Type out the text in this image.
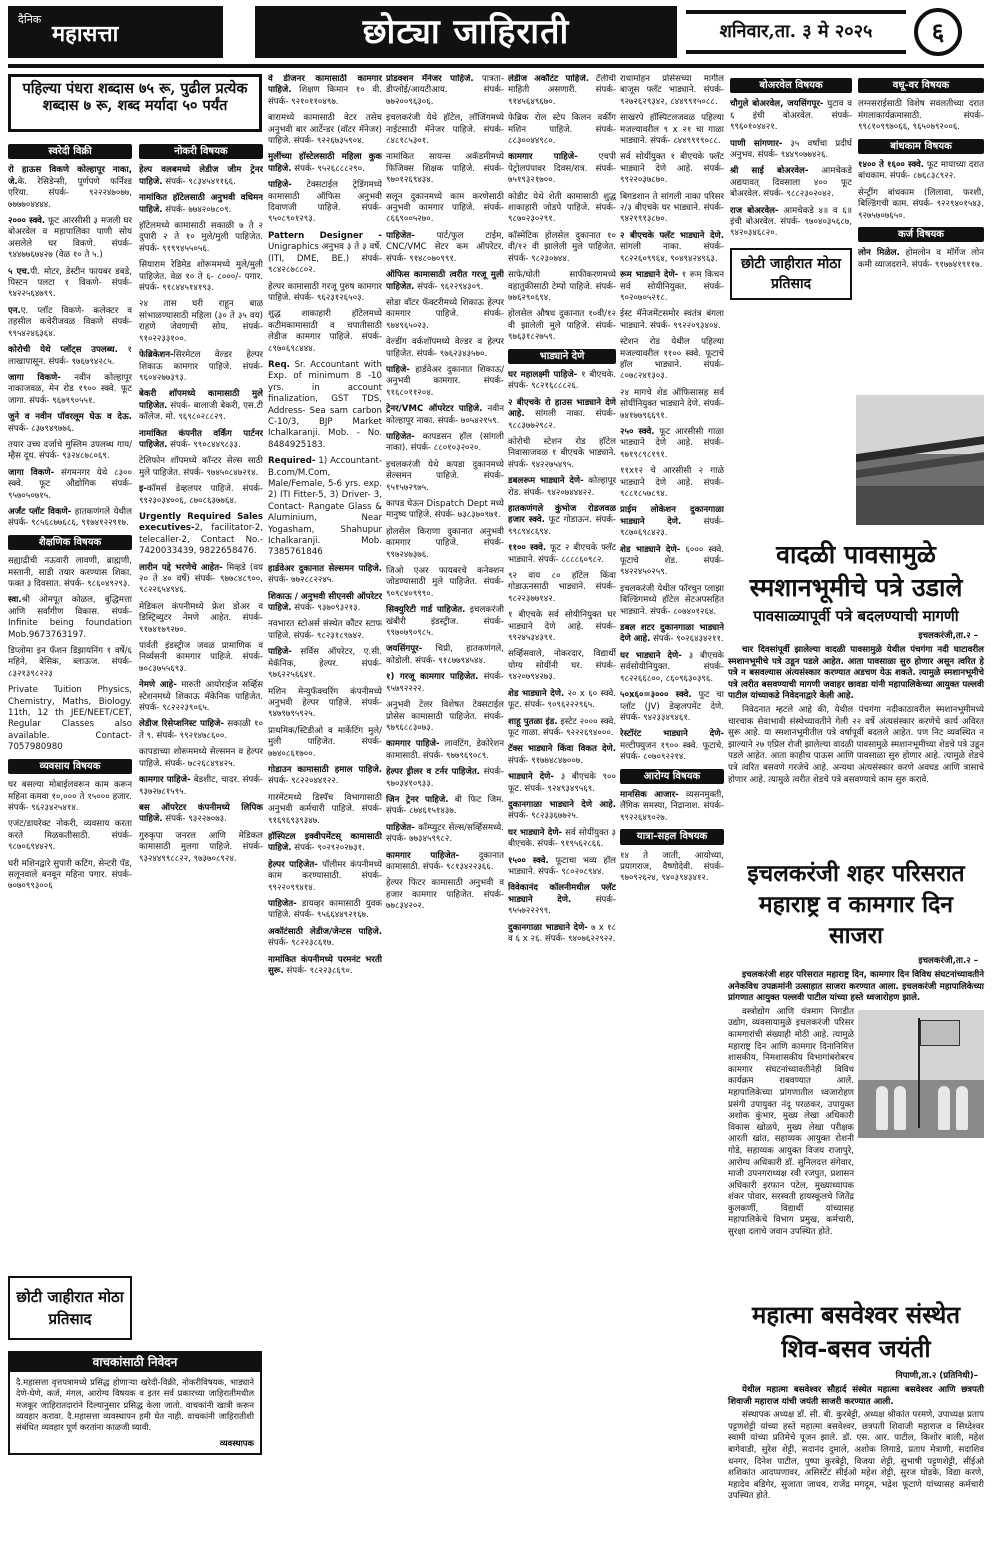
दैनिक
महासत्ता	छोट्या जाहिराती	शनिवार,ता. ३ मे २०२५	६
पहिल्या पंधरा शब्दास ७५ रू, पुढील प्रत्येक शब्दास ७ रू, शब्द मर्यादा ५० पर्यंत
स्वरेदी विक्री

रो हाऊस विकणे कोल्हापूर नाका, जे.के. रेसिडेन्सी, पूर्णपणे फर्निश्ड एरिया. संपर्क- ९२२२४७०७७, ७७७७०४४४४.

२००० स्क्वे. फूट आरसीसी ३ मजली घर बोअरवेल व महापालिका पाणी सोय असलेले घर विकणे. संपर्क- ९४४७७६७४२७ (वेळ १० ते ५.)

५ एच.पी. मोटर, डेस्टीन फायबर डबडे, पिस्टन पलटा १ विकणे- संपर्क- ९४२२५६४७९९.

एन.ए. प्लॉट विकणे- कलेक्टर व तहसील कचेरीजवळ विकणे संपर्क- ९९५४२४६३६४.

कोरोची येथे प्लॉट्स उपलब्ध. १ लाखापासून. संपर्क- ९७६७९४२८५.

जागा विकणे- नवीन कोल्हापूर नाकाजवळ, मेन रोड १९०० स्क्वे. फूट जागा. संपर्क- ९६७९९०५५१.

जुने व नवीन पॉवरलूम घेऊ व देऊ. संपर्क- ८३७९४९७७६.

तयार उच्च दर्जाचे मुस्लिम उपलब्ध गाय/म्हैस दूध. संपर्क- ९३२४८७८०६९.

जागा विकणे- संगमनगर येथे ८३०० स्क्वे. फूट औद्योगिक संपर्क- ९५७०५०७१५.

अर्जंट प्लॉट विकणे- हातकणंगले येथील संपर्क- ९८५६८७७६८६, ९१७४१२२९१७.

शैक्षणिक विषयक

सह्याद्रीची नऊवारी लावणी, ब्राह्मणी, मस्तानी, साडी तयार करण्यास शिका. फक्त ३ दिवसात. संपर्क- ९८६०४९२९३.

स्वा.श्री ओमपूत कोळल, बुद्धिमत्ता आणि सर्वांगीण विकास. संपर्क- Infinite being foundation Mob.9673763197.

डिप्लोमा इन फॅशन डिझायनिंग १ वर्षे/६ महिने, बेसिक, ब्लाऊज. संपर्क- ८३२१३९८२२३

Private Tuition Physics, Chemistry, Maths, Biology. 11th, 12 th JEE/NEET/CET, Regular Classes also available. Contact- 7057980980

व्यवसाय विषयक

घर बसल्या मोबाईलवरून काम करून महिना कमवा १०,००० ते १५००० हजार. संपर्क- ९६२३४२५४१४.

एजंट/डायरेक्ट नोकरी, व्यवसाय करता करते मिळकतीसाठी. संपर्क- ९८७०६९४४२९.

घरी मशिनद्वारे सुपारी कटिंग, सेन्टरी पॅड, सलूनवाले बनवून महिना पगार. संपर्क- ७०७०९९३००६

छोटी जाहीरात मोठा प्रतिसाद
नोकरी विषयक

हेल्प वलबमध्ये लेडीज जीम ट्रेनर पाहिजे. संपर्क- ९८३४५४११६६.

नामांकित हॉटेलसाठी अनुभवी वधिमन पाहिजे. संपर्क- ७७४२०७८०९.

हॉटेलमध्ये कामासाठी सकाळी ७ ते २ दुपारी २ ते १० मुले/मुली पाहिजेत. संपर्क- ९१९९४५५०५६.

सियाराम रेडिमेड शोरूममध्ये मुले/मुली पाहिजेत. वेळ १० ते ६- ८०००/- पगार. संपर्क- ९१८४४५१४१९३.

२४ तास घरी राहून बाळ सांभाळण्यासाठी महिला (३० ते ३५ वय) राहणे जेवणाची सोय. संपर्क- ९१०२२३३१००.

फेब्रिकेशन-सिरमेटल वेल्डर हेल्पर शिकाऊ कामगार पाहिजे. संपर्क- ९६०४२७७३९३.

बेकरी शॉपमध्ये कामासाठी मुले पाहिजेत. संपर्क- बालाजी बेकरी, एस.टी कॉलेज. मो. ९६९८०२८८२९.

नामांकित कंपनीत वर्किंग पार्टनर पाहिजेत. संपर्क- ९९०८४४९८३३.

टेलिफोन शॉपमध्ये कॉन्टर सेल्स साठी मुले पाहिजेत. संपर्क- ९७४५०८४७२१४.

इ-कॉमर्स डेव्हलपर पाहिजे. संपर्क- ९९२३०३४००६, ८७०८६३७७६४.

Urgently Required Sales executives-2, facilitator-2, telecaller-2, Contact No.- 7420033439, 9822658476.

लारीन पद्दे भरणेचे आहेत- मिव्हडे (वय २० ते ४० वर्षे) संपर्क- ९७७८४८९००, ९८२२६५४९४६.

मेडिकल कंपनीमध्ये फ्रेश डोअर व डिस्ट्रिब्युटर नेमणे आहेत. संपर्क- ९१७४१७९२७०.

पार्वती इंडस्ट्रीज जवळ प्रामाणिक व निर्व्यसनी कामगार पाहिजे. संपर्क- ७०८३७५५६९३.

नेमणे आहे- मारुती आयोराईज सर्व्हिस स्टेशनमध्ये शिकाऊ मॅकेनिक पाहिजेत. संपर्क- ९८२२२३९०६५.

लेडीज रिसेप्शनिस्ट पाहिजे- सकाळी १० ते ९. संपर्क- ९९२१४७८६००.

कापडाच्या शोरूममध्ये सेल्समन व हेल्पर पाहिजे. संपर्क- ७८२६८४९४२५.

कामगार पाहिजे- बेडशीट, चादर. संपर्क- ९३७२७८१५९५.

बस ऑपरेटर कंपनीमध्ये लिपिक पाहिजे. संपर्क- ९३२२७०७३.

गुरुकृपा जनरल आणि मेडिकल कामासाठी मुलगा पाहिजे. संपर्क- ९३२४४९९८८२२, ९७३७०८९२४.

वाचकांसाठी निवेदन
दै.महासत्ता वृत्तपत्रामध्ये प्रसिद्ध होणाऱ्या खरेदी-विक्री, नोकरीविषयक, भाड्याने देणे-घेणे, कर्ज, मंगल, आरोग्य विषयक व इतर सर्व प्रकारच्या जाहिरातीमधील मजकूर जाहिरातदारांने दिल्यानुसार प्रसिद्ध केला जातो. वाचकांनी खात्री करून व्यवहार करावा. दै.महासत्ता व्यवस्थापन हमी घेत नाही. वाचकांनी जाहिरातीशी संबंधित व्यवहार पूर्ण करतांना काळजी घ्यावी.
व्यवस्थापक

वे डीजनर कामासाठी कामगार पाहिजे. शिक्षण किमान १० वी. संपर्क- ९२१०११०४९७.

बारामध्ये कामासाठी वेटर तसेच अनुभवी बार आर्टेन्डर (वॉटर मॅनेजर) पाहिजे. संपर्क- ९२२६७३५९०४.

मुलींच्या हॉस्टेलसाठी महिला कुक पाहिजे. संपर्क- ९५२६८८८२९०.

पाहिजे- टेक्सटाईल ट्रेडिंगमध्ये कामासाठी ऑफिस अनुभवी दिवाणजी पाहिजे. संपर्क- ९५०८९०१२९३.

Pattern Designer - Unigraphics अनुभव ३ ते ३ वर्षे. (ITI, DME, BE.) संपर्क- ९८४२८७८८०२.

हेल्पर कामासाठी गरजू पुरुष कामगार पाहिजे. संपर्क- ९६२३१२६५०३.

शुद्ध शाकाहारी हॉटेलमध्ये कटीमकामासाठी व चपातीसाठी लेडीज कामगार पाहिजे. संपर्क- ८९७०६९८४४४.

Req. Sr. Accountant with Exp. of minimum 8 -10 yrs. in account finalization, GST TDS, Address- Sea sam carbon C-10/3, BJP Market Ichalkaranji. Mob. - No. 8484925183.

Required- 1) Accountant- B.com/M.Com, Male/Female, 5-6 yrs. exp. 2) ITI Fitter-5, 3) Driver- 3, Contact- Rangate Glass & Aluminium, Near Yogasham, Shahupur Ichalkaranji. Mob. 7385761846

हार्डवेअर दुकानात सेल्समन पाहिजे. संपर्क- ७७२८८२२४५.

शिकाऊ / अनुभवी सीएनसी ऑपरेटर पाहिजे. संपर्क- ९३७०९३२१३.

नवभारत स्टोअर्स संस्थेत कौंटर स्टाफ पाहिजे. संपर्क- ९८२३१८९७४२.

पाहिजे- सर्विस ऑपरेटर, ए.सी. मेकॅनिक, हेल्पर. संपर्क- ९७६२२५६६४१.

मशिन मेन्युफॅक्चरिंग कंपनीमध्ये अनुभवी हेल्पर पाहिजे. संपर्क- ९४७९७९५९२५.

प्राथमिक/स्टिडीओ व मार्केटिंग मुले/मुली पाहिजेत. संपर्क- ७७४०८६१७००.

गोडाउन कामासाठी हमाल पाहिजे. संपर्क- ९८२२०४४१२२.

गारमेंटमध्ये डिस्पॅच विभागासाठी अनुभवी कर्मचारी पाहिजे. संपर्क- ९१६९६९३९३४७.

हॉस्पिटल इक्वीपमेंटस् कामासाठी पाहिजे. संपर्क- ९०२९२०२७३१.

हेल्पर पाहिजेत- पॉलीमर कंपनीमध्ये काम करण्यासाठी. संपर्क- ९९२२०९९४१४.

पाहिजेत- डायव्हर कामासाठी युवक पाहिजे. संपर्क- ९५६६४४९२१६७.

अकॉटंसाठी लेडीज/जेन्टस पाहिजे. संपर्क- ९८२२३८६१७.

नामांकित कंपनीमध्ये परमनंट भरती सुरू. संपर्क- ९८२२३८६९०.

प्रोडक्शन मॅनेजर पाहिजे. पात्रता- डीप्लोई/आयटीआय. संपर्क- ७७२००९६३०६.

इचलकरंजी येथे हॉटेल, लॉजिंगमध्ये नाईटसाठी मॅनेजर पाहिजे. संपर्क- ८४८१८५३०१.

नामांकित सायन्स अकॅडमीमध्ये फिजिक्स शिक्षक पाहिजे. संपर्क- ९७०१२६९४३४.

सलून दुकानमध्ये काम करणेसाठी अनुभवी कामगार पाहिजे. संपर्क- ८६६९००५२७०.

पाहिजेत- पार्ट/फुल टाईम, CNC/VMC सेटर कम ऑपरेटर. संपर्क- ९१४८०७०९९१.

ऑफिस कामासाठी त्वरीत गरजू मुली पाहिजेत. संपर्क- ९६२२९४३०९.

सोडा वॉटर फॅक्टरीमध्ये शिकाऊ हेल्पर कामगार पाहिजे. संपर्क- ९७४९६५०२३.

वेल्डींग वर्कशॉपमध्ये वेल्डर व हेल्पर पाहिजेत. संपर्क- ९७६२३४३५७०.

पाहिजे- हार्डवेअर दुकानात शिकाऊ/अनुभवी कामगार. संपर्क- ९१६८०११२०४.

ट्रेनर/VMC ऑपरेटर पाहिजे. नवीन कोल्हापूर नाका. संपर्क- ७०५४२१५९.

पाहिजेत- कापडसन हॉल (सांगली नाका). संपर्क- ८८०१०३२०२०.

इचलकरंजी येथे कपडा दुकानमध्ये सेल्समन पाहिजे. संपर्क- ९५१५७२९७५.

कापड घेऊन Dispatch Dept मध्ये मानुष्य पाहिजे. संपर्क- ७३८३७०९७१.

होलसेल किराणा दुकानात अनुभवी कामगार पाहिजे. संपर्क- ९९७२४७३७६.

जिओ एअर फायबरचे कनेक्शन जोडण्यासाठी मुले पाहिजेत. संपर्क- ९०९८४०९९९०.

सिक्युरिटी गार्ड पाहिजेत. इचलकरंजी खंबीरी इंडस्ट्रीज. संपर्क- ९९७०७९०९८५.

जयसिंगपूर- चिप्री, हातकणंगले, कोडोली. संपर्क- ९१८७७९४५४४.

१) गरजू कामगार पाहिजेत. संपर्क- ९५७९२२२२.

अनुभवी टेलर विशेषत टेक्सटाईल प्रोसेस कामासाठी पाहिजेत. संपर्क- ९७९६८८३०७३.

कामगार पाहिजे- लावटिंग, डेकोरेशन कामासाठी. संपर्क- ९७७९६९०८९.

हेल्पर ड्रीलर व टर्नर पाहिजेत. संपर्क- ९७०३४१०९३३.

जिन ट्रेनर पाहिजे. बी फिट जिम. संपर्क- ८७४६१५१४३७.

पाहिजेत- कॉम्प्युटर सेल्स/सर्व्हिसमध्ये. संपर्क- ७७३४५९९८२.

कामगार पाहिजेत- दुकानात कामासाठी. संपर्क- ९८१३४२२३६६.

हेल्पर फिटर कामासाठी अनुभवी व हजार कामगार पाहिजेत. संपर्क- ७७८३४२०२.

लेडीज अकौंटंट पाहिजे. टॅलीची माहिती असणारी. संपर्क- ९१४५६४९६७०.

फेब्रिक रोल स्टेप किलन वर्कींग मशिन पाहिजे. संपर्क- ८८३००४४९८०.

कामगार पाहिजे- एचपी पेट्रोलपंपावर दिवस/रात्र. संपर्क- ७५१९३२१७००.

कोडीट येथे शेती कामासाठी शुद्ध शाकाहारी जोडपे पाहिजे. संपर्क- ९८७०२३०२९१.

कॉस्मेटिक होलसेल दुकानात १० वी/१२ वी झालेली मुले पाहिजेत. संपर्क- ९८२३०७४४.

साफे/घोती साफीकरणमध्ये वहातुकीसाठी टेम्पो पाहिजे. संपर्क- ७७६२९०६९४.

होलसेल औषध दुकानात १०वी/१२ वी झालेली मुले पाहिजे. संपर्क- ९७६३१८२७५९.

भाड्याने देणे

घर महालक्ष्मी पाहिजे- १ बीएचके. संपर्क- ९८२१६८८८२६.

२ बीएचके रो हाउस भाड्याने देणे आहे. सांगली नाका. संपर्क- ९८८३७७२९८२.

कोरोची स्टेशन रोड हॉटेल निवासाजवळ १ बीएचके भाड्याने. संपर्क- ९४२२७५४९५.

डबलरूम भाड्याने देणे- कोल्हापूर रोड. संपर्क- ९४२०७४४४२२.

हातकणंगले कुंभोज रोडजवळ हजार स्क्वे. फूट गोडाऊन. संपर्क- ९९८९४८६९४.

११०० स्क्वे. फूट २ बीएचके फ्लॅट भाड्याने. संपर्क- ८८८८६०९८२.

९२ वाय ८० हॉटेल किंवा गोडाऊनसाठी भाड्याने. संपर्क- ९८२२३७७१४२.

१ बीएचके सर्व सोयीनियुक्त घर भाड्याने देणे आहे. संपर्क- ९९२४५३४३९१.

सर्व्हिसवाले, नोकरदार, विद्यार्थी योग्य सोयींनी घर. संपर्क- ९४२०७९४२७३.

शेड भाड्याने देणे. २० x ६० स्क्वे. फूट. संपर्क- ९०९६२२२९६५.

शाहू पुतळा इंड. इस्टेट २००० स्क्वे. फूट गाळा. संपर्क- ९२२२६९४०००.

टॅक्स भाड्याने किंवा विकत देणे. संपर्क- ९१७७४८४७००७.

भाड्याने देणे- ३ बीएचके ९०० फूट. संपर्क- ९२४९३४९५६९.

दुकानगाळा भाड्याने देणे आहे. संपर्क- ९८२३३६७७२५.

घर भाड्याने देणे- सर्व सोयींयुक्त ३ बीएचके. संपर्क- ९१९५६२८६६.

१५०० स्क्वे. फूटाचा भव्य हॉल भाड्याने. संपर्क- ९८०२०८९४४.

विवेकानंद कॉलनीमधील फ्लॅट भाड्याने देणे. संपर्क- ९५५७२२२९९.

दुकानगाळा भाड्याने देणे- ७ x १८ व ६ x २६. संपर्क- ९४०७६२२९२२.

राधामोहन प्रोसेसच्या मागील बाजूस फ्लॅट भाड्याने. संपर्क- ९२७२६२९३४२, ८४४९९१५०८८.

साखरपे हॉस्पिटलजवळ पहिल्या मजल्यावरील ९ x २१ चा गाळा भाड्याने. संपर्क- ८४४९९१९०८८.

सर्व सोयींयुक्त १ बीएचके फ्लॅट भाड्याने देणे आहे. संपर्क- ९९२२०३७८७०.

बिगडशान ते सांगली नाका परिसर २/३ बीएचके घर भाड्याने. संपर्क- ९४२१९१३८७०.

२ बीएचके फ्लॅट भाड्याने देणे. सांगली नाका. संपर्क- ९८२२६०९९६४, ९०४९४२४९६३.

रूम भाड्याने देणे- १ रूम किचन सर्व सोयीनियुक्त. संपर्क- ९०२०७०५२१८.

ईस्ट मॅनेजमेंटसमोर स्वतंत्र बंगला भाड्याने. संपर्क- ९९२२०९३४०४.

स्टेशन रोड येथील पहिल्या मजल्यावरील ११०० स्क्वे. फूटाचे हॉल भाड्याने. संपर्क- ८०७८२४१३०३.

२४ मागचे शेड ऑफिसासह सर्व सोयींनियुक्त भाड्याने देणे. संपर्क- ७४१७७९६६९१.

२५० स्क्वे. फूट आरसीसी गाळा भाड्याने देणे आहे. संपर्क- ९७१९८९८१९१.

११x१२ चे आरसीसी २ गाळे भाड्याने देणे आहे. संपर्क- ९८८१८५७८९४.

प्राईम लोकेशन दुकानगाळा भाड्याने देणे. संपर्क- ९८७०६९८४२३.

शेड भाड्याने देणे- ६००० स्क्वे. फूटाचे शेड. संपर्क- ९४२२४५०२५९.

इचलकरंजी येथील फॉरचुन प्लाझा बिल्डिंगमध्ये हॉटेल सेटअपसहित भाड्याने. संपर्क- ८०७४०१२६४.

डबल शटर दुकानगाळा भाड्याने देणे आहे. संपर्क- ९०२६४३४२११.

घर भाड्याने देणे- ३ बीएचके सर्वसोयीनियुक्त. संपर्क- ९८२२६६८००, ८६०९६३०३९६.

५०x६०=३००० स्क्वे. फूट चा प्लॉट (JV) डेव्हलपमेंट देणे. संपर्क- ९४२३३४९४६१.

रेस्टॉरंट भाड्याने देणे- मल्टीफ्युजन १९०० स्क्वे. फूटाचे. संपर्क- ८०७०९२२१४.

आरोग्य विषयक

मानसिक आजार- व्यसनमुक्ती, लैंगिक समस्या, निद्रानाश. संपर्क- ९९२२६४९०२७.

यात्रा-सहल विषयक

१४ ते जाती, आयोध्या, प्रयागराज, वैष्णोदेवी. संपर्क- ९७०९२६२४, ९४०३९४३४१२.

बोअरवेल विषयक

चौगुले बोअरवेल, जयसिंगपूर- घुटाव व ६ इंची बोअरवेल. संपर्क- ९९६०१०४४२१.

पाणी सांगणार- ३५ वर्षांचा प्रदीर्घ अनुभव. संपर्क- ९४४९०७७४२६.

श्री साई बोअरवेल- आमचेकडे अद्ययावत्‌ दिवसाला ४०० फूट बोअरवेल. संपर्क- ९८८२३०२०४२.

राज बोअरवेल- आमचेकडे ४॥ व ६॥ इंची बोअरवेल. संपर्क- ९७०४०३५६८७, ९४२०३४६८२०.

छोटी जाहीरात मोठा प्रतिसाद
वधू-वर विषयक

लग्नसराईसाठी विशेष सवलतीच्या दरात मंगलाकार्यक्रमासाठी. संपर्क- ९९८१०९९७०६६, ९६५०७९२००६.

बांधकाम विषयक

१४०० ते १६०० स्क्वे. फूट मायाच्या दरात बांधकाम. संपर्क- ८७६८३८९२२.

सेन्ट्रींग बांधकाम (लिलावा, फरशी, बिल्डिंगची काम. संपर्क- ९२२९४०१५४३, ९२७५७०७६५०.

कर्ज विषयक

लोन मिळेल. होमलोन व मॉर्गेज लोन कमी व्याजदराने. संपर्क- ९१७७४१९११७.

वादळी पावसामुळे स्मशानभूमीचे पत्रे उडाले
पावसाळ्यापूर्वी पत्रे बदलण्याची मागणी
इचलकरंजी,ता.२ –

चार दिवसांपूर्वी झालेल्या वादळी पावसामुळे येथील पंचगंगा नदी घाटावरील स्मशानभूमीचे पत्रे उडून पडले आहेत. आता पावसाळा सुरु होणार असून त्वरित हे पत्रे न बसवल्यास अंत्यसंस्कार करण्यात अडचण येऊ शकते. त्यामुळे स्मशानभूमीचे पत्रे त्वरीत बसवण्याची मागणी जवाहर छावडा यांनी महापालिकेच्या आयुक्त पल्लवी पाटील यांच्याकडे निवेदनाद्वारे केली आहे.

निवेदनात म्हटले आहे की, येथील पंचगंगा नदीकाठावरील स्मशानभूमीमध्ये चारचाक सेवाभावी संस्थेच्यावतीने गेली २२ वर्षे अंत्यसंस्कार करणेचे कार्य अविरत सुरू आहे. या स्मशानभूमीतील पत्रे वर्षापूर्वी बदलले आहेत. पण निट व्यवस्थित न झाल्याने २७ एप्रिल रोजी झालेल्या वादळी पावसामुळे स्मशानभूमीच्या शेडचे पत्रे उडून पडले आहेत. आता काहीच पाऊस आणि पावसाळा सुरु होणार आहे. त्यामुळे शेडचे पत्रे त्वरित बसवणे गरजेचे आहे. अन्यथा अंत्यसंस्कार करणे अवघड आणि त्रासाचे होणार आहे. त्यामुळे त्वरीत शेडचे पत्रे बसवण्याचे काम सुरु करावे.

इचलकरंजी शहर परिसरात महाराष्ट्र व कामगार दिन साजरा
इचलकरंजी,ता.२ –

इचलकरंजी शहर परिसरात महाराष्ट्र दिन, कामगार दिन विविध संघटनांच्यावतीने अनेकविध उपक्रमांनी उत्साहात साजरा करण्यात आला. इचलकरंजी महापालिकेच्या प्रांगणात आयुक्त पल्लवी पाटील यांच्या हस्ते ध्वजारोहण झाले.

वस्त्रोद्योग आणि यंत्रमाग निगडीत उद्योग, व्यवसायामुळे इचलकरंजी परिसर कामगारांची संख्याही मोठी आहे. त्यामुळे महाराष्ट्र दिन आणि कामगार दिनानिमित्त शासकीय, निमशासकीय विभागांबरोबरच कामगार संघटनांच्यावतीनेही विविध कार्यक्रम राबवण्यात आले. महापालिकेच्या प्रांगणातील ध्वजारोहण प्रसंगी उपायुक्त नंदू परळकर, उपायुक्त अशोक कुंभार, मुख्य लेखा अधिकारी विकास खोळपे, मुख्य लेखा परीक्षक आरती खांत, सहाय्यक आयुक्त रोशनी गोडे, सहाय्यक आयुक्त विजय राजापुरे, आरोग्य अधिकारी डॉ. सुनिलदत्त संगेवार, माजी उपनगराध्यक्ष रवी रजपुत, प्रशासन अधिकारी इरफान पटेल, मुख्याध्यापक शंकर पोवार, सरस्वती हायस्कूलचे जितेंद्र कुलकर्णी, विद्यार्थी यांच्यासह महापालिकेचे विभाग प्रमुख, कर्मचारी, सुरक्षा दलाचे जवान उपस्थित होते.

महात्मा बसवेश्वर संस्थेत शिव-बसव जयंती
निपाणी,ता.२ (प्रतिनिधी)–

येथील महात्मा बसवेश्वर सौहार्द संस्थेत महात्मा बसवेश्वर आणि छत्रपती शिवाजी महाराज यांची जयंती साजरी करण्यात आली.

संस्थापक अध्यक्ष डॉ. सी. बी. कुरबेट्टी, अध्यक्ष श्रीकांत परमणे, उपाध्यक्ष प्रताप पट्टणशेट्टी यांच्या हस्ते महात्मा बसवेश्वर, छत्रपती शिवाजी महाराज व सिध्देश्वर स्वामी यांच्या प्रतिमेचे पूजन झाले. डॉ. एस. आर. पाटील, किशोर बाली, महेश बागेवाडी, सुरेश शेट्टी, सदानंद दुमाले, अशोक लिगाडे, प्रताप मेत्राणी, सदाशिव धनगर, दिनेश पाटील, पुष्पा कुरबेट्टी, विजया शेट्टी, सुभाषी पट्टणशेट्टी, सींईओ शशिकांत आदप्पणावर, असिस्टेंट सीईओ महेश शेट्टी, सुरज घोडके, विद्या करणे, महादेव बडिगेर, सुजाता जाधव, राजेंद्र मगदूम, भद्रेश फूटाणे यांच्यासह कर्मचारी उपस्थित होते.
